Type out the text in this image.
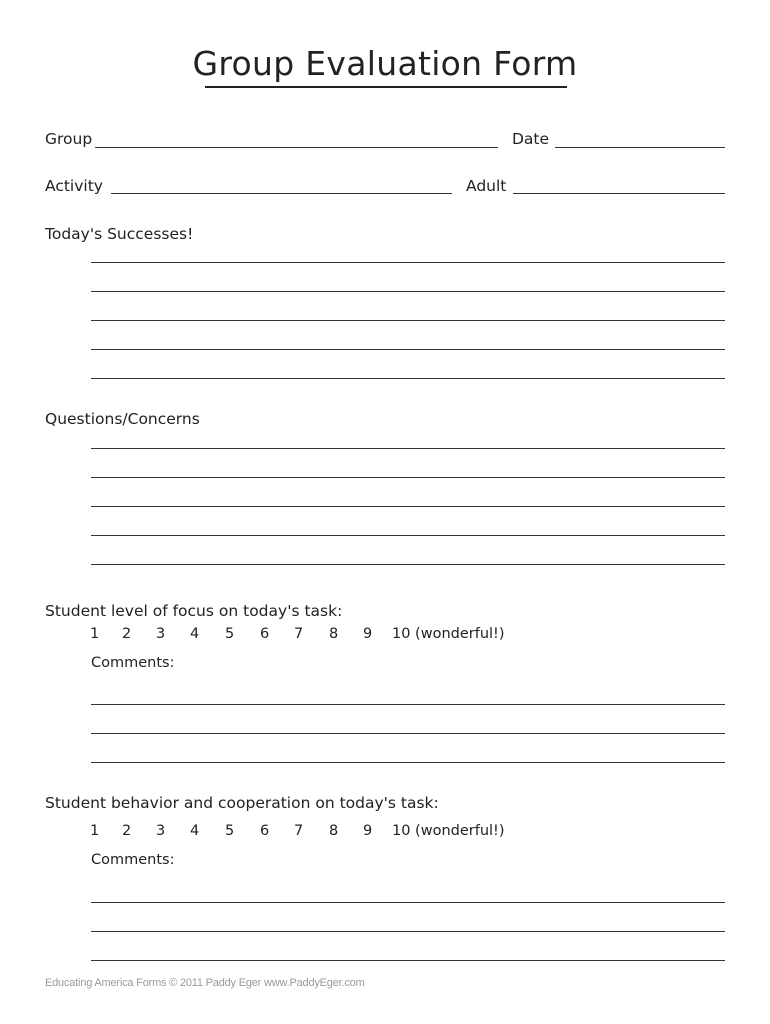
Group Evaluation Form
Group	Date
Activity	Adult
Today's Successes!
Questions/Concerns
Student level of focus on today's task:
1 2 3 4 5 6 7 8 9 10 (wonderful!)
Comments:
Student behavior and cooperation on today's task:
1 2 3 4 5 6 7 8 9 10 (wonderful!)
Comments:
Educating America Forms © 2011 Paddy Eger www.PaddyEger.com
